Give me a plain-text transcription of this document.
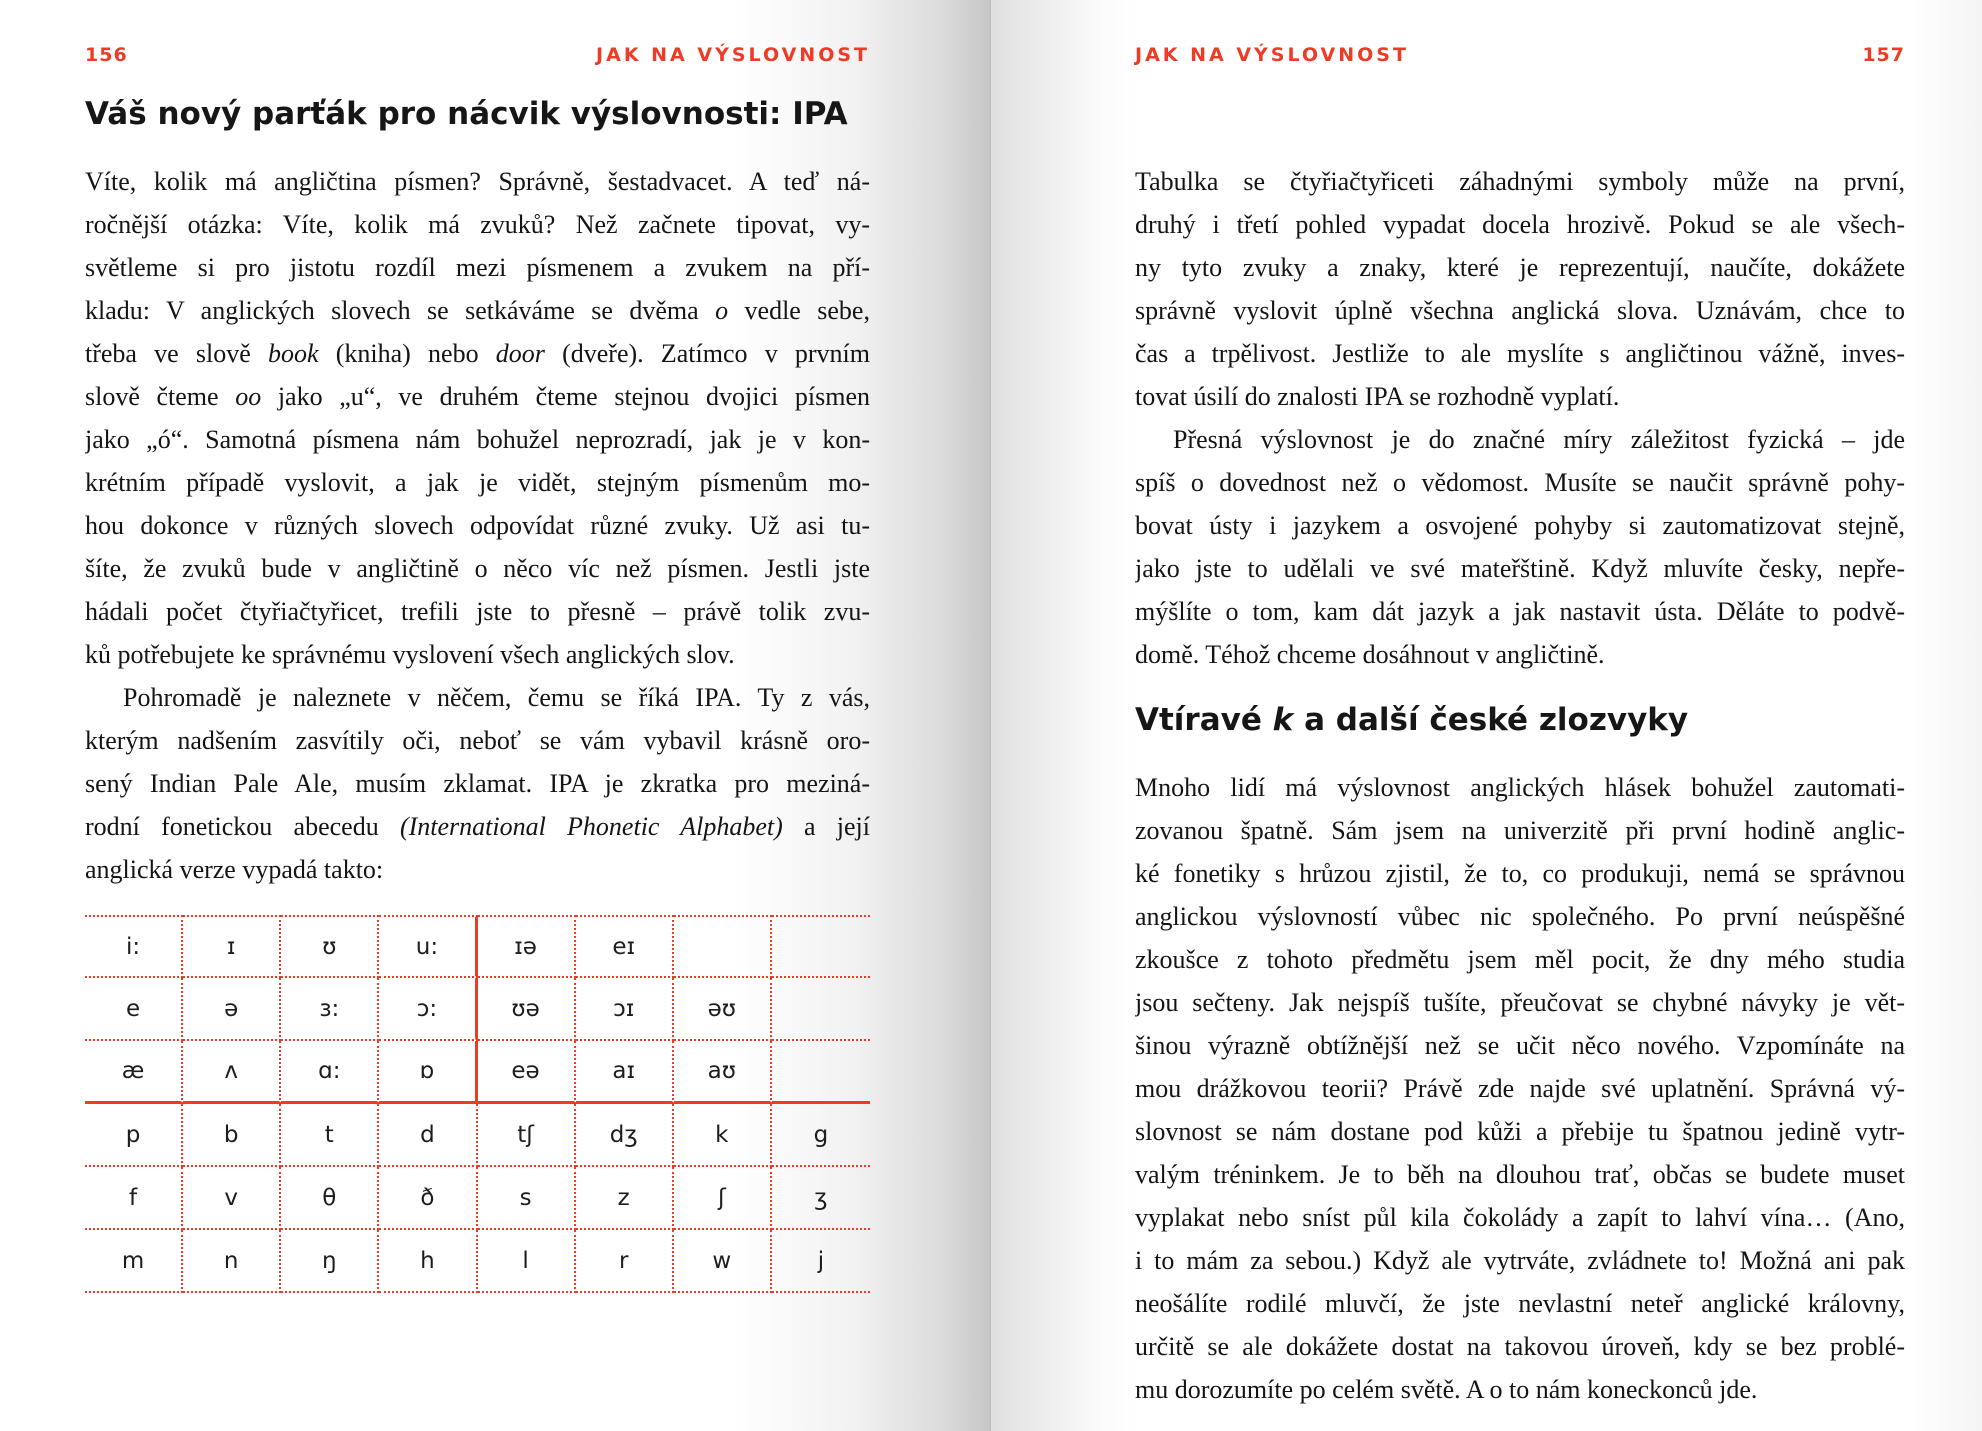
156	JAK NA VÝSLOVNOST
Váš nový parťák pro nácvik výslovnosti: IPA
Víte, kolik má angličtina písmen? Správně, šestadvacet. A teď ná-
ročnější otázka: Víte, kolik má zvuků? Než začnete tipovat, vy-
světleme si pro jistotu rozdíl mezi písmenem a zvukem na pří-
kladu: V anglických slovech se setkáváme se dvěma o vedle sebe,
třeba ve slově book (kniha) nebo door (dveře). Zatímco v prvním
slově čteme oo jako „u“, ve druhém čteme stejnou dvojici písmen
jako „ó“. Samotná písmena nám bohužel neprozradí, jak je v kon-
krétním případě vyslovit, a jak je vidět, stejným písmenům mo-
hou dokonce v různých slovech odpovídat různé zvuky. Už asi tu-
šíte, že zvuků bude v angličtině o něco víc než písmen. Jestli jste
hádali počet čtyřiačtyřicet, trefili jste to přesně – právě tolik zvu-
ků potřebujete ke správnému vyslovení všech anglických slov.
Pohromadě je naleznete v něčem, čemu se říká IPA. Ty z vás,
kterým nadšením zasvítily oči, neboť se vám vybavil krásně oro-
sený Indian Pale Ale, musím zklamat. IPA je zkratka pro meziná-
rodní fonetickou abecedu (International Phonetic Alphabet) a její
anglická verze vypadá takto:
i:	ɪ	ʊ	u:	ɪə	eɪ
e	ə	ɜ:	ɔ:	ʊə	ɔɪ	əʊ
æ	ʌ	ɑ:	ɒ	eə	aɪ	aʊ
p	b	t	d	tʃ	dʒ	k	g
f	v	θ	ð	s	z	ʃ	ʒ
m	n	ŋ	h	l	r	w	j
JAK NA VÝSLOVNOST	157
Tabulka se čtyřiačtyřiceti záhadnými symboly může na první,
druhý i třetí pohled vypadat docela hrozivě. Pokud se ale všech-
ny tyto zvuky a znaky, které je reprezentují, naučíte, dokážete
správně vyslovit úplně všechna anglická slova. Uznávám, chce to
čas a trpělivost. Jestliže to ale myslíte s angličtinou vážně, inves-
tovat úsilí do znalosti IPA se rozhodně vyplatí.
Přesná výslovnost je do značné míry záležitost fyzická – jde
spíš o dovednost než o vědomost. Musíte se naučit správně pohy-
bovat ústy i jazykem a osvojené pohyby si zautomatizovat stejně,
jako jste to udělali ve své mateřštině. Když mluvíte česky, nepře-
mýšlíte o tom, kam dát jazyk a jak nastavit ústa. Děláte to podvě-
domě. Téhož chceme dosáhnout v angličtině.
Vtíravé k a další české zlozvyky
Mnoho lidí má výslovnost anglických hlásek bohužel zautomati-
zovanou špatně. Sám jsem na univerzitě při první hodině anglic-
ké fonetiky s hrůzou zjistil, že to, co produkuji, nemá se správnou
anglickou výslovností vůbec nic společného. Po první neúspěšné
zkoušce z tohoto předmětu jsem měl pocit, že dny mého studia
jsou sečteny. Jak nejspíš tušíte, přeučovat se chybné návyky je vět-
šinou výrazně obtížnější než se učit něco nového. Vzpomínáte na
mou drážkovou teorii? Právě zde najde své uplatnění. Správná vý-
slovnost se nám dostane pod kůži a přebije tu špatnou jedině vytr-
valým tréninkem. Je to běh na dlouhou trať, občas se budete muset
vyplakat nebo sníst půl kila čokolády a zapít to lahví vína… (Ano,
i to mám za sebou.) Když ale vytrváte, zvládnete to! Možná ani pak
neošálíte rodilé mluvčí, že jste nevlastní neteř anglické královny,
určitě se ale dokážete dostat na takovou úroveň, kdy se bez problé-
mu dorozumíte po celém světě. A o to nám koneckonců jde.
